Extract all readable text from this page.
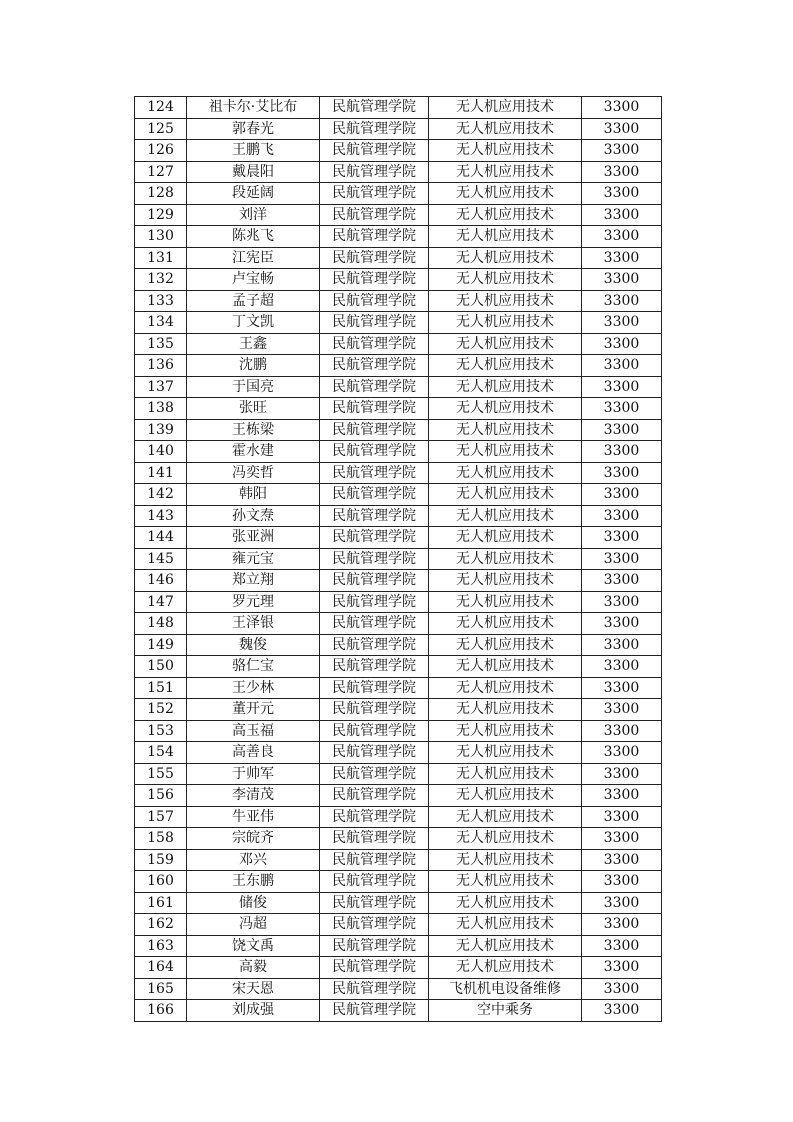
124	祖卡尔·艾比布	民航管理学院	无人机应用技术	3300
125	郭春光	民航管理学院	无人机应用技术	3300
126	王鹏飞	民航管理学院	无人机应用技术	3300
127	戴晨阳	民航管理学院	无人机应用技术	3300
128	段延阔	民航管理学院	无人机应用技术	3300
129	刘洋	民航管理学院	无人机应用技术	3300
130	陈兆飞	民航管理学院	无人机应用技术	3300
131	江宪臣	民航管理学院	无人机应用技术	3300
132	卢宝畅	民航管理学院	无人机应用技术	3300
133	孟子超	民航管理学院	无人机应用技术	3300
134	丁文凯	民航管理学院	无人机应用技术	3300
135	王鑫	民航管理学院	无人机应用技术	3300
136	沈鹏	民航管理学院	无人机应用技术	3300
137	于国亮	民航管理学院	无人机应用技术	3300
138	张旺	民航管理学院	无人机应用技术	3300
139	王栋梁	民航管理学院	无人机应用技术	3300
140	霍水建	民航管理学院	无人机应用技术	3300
141	冯奕哲	民航管理学院	无人机应用技术	3300
142	韩阳	民航管理学院	无人机应用技术	3300
143	孙文焘	民航管理学院	无人机应用技术	3300
144	张亚洲	民航管理学院	无人机应用技术	3300
145	雍元宝	民航管理学院	无人机应用技术	3300
146	郑立翔	民航管理学院	无人机应用技术	3300
147	罗元理	民航管理学院	无人机应用技术	3300
148	王泽银	民航管理学院	无人机应用技术	3300
149	魏俊	民航管理学院	无人机应用技术	3300
150	骆仁宝	民航管理学院	无人机应用技术	3300
151	王少林	民航管理学院	无人机应用技术	3300
152	董开元	民航管理学院	无人机应用技术	3300
153	高玉福	民航管理学院	无人机应用技术	3300
154	高善良	民航管理学院	无人机应用技术	3300
155	于帅军	民航管理学院	无人机应用技术	3300
156	李清茂	民航管理学院	无人机应用技术	3300
157	牛亚伟	民航管理学院	无人机应用技术	3300
158	宗皖齐	民航管理学院	无人机应用技术	3300
159	邓兴	民航管理学院	无人机应用技术	3300
160	王东鹏	民航管理学院	无人机应用技术	3300
161	储俊	民航管理学院	无人机应用技术	3300
162	冯超	民航管理学院	无人机应用技术	3300
163	饶文禹	民航管理学院	无人机应用技术	3300
164	高毅	民航管理学院	无人机应用技术	3300
165	宋天恩	民航管理学院	飞机机电设备维修	3300
166	刘成强	民航管理学院	空中乘务	3300
